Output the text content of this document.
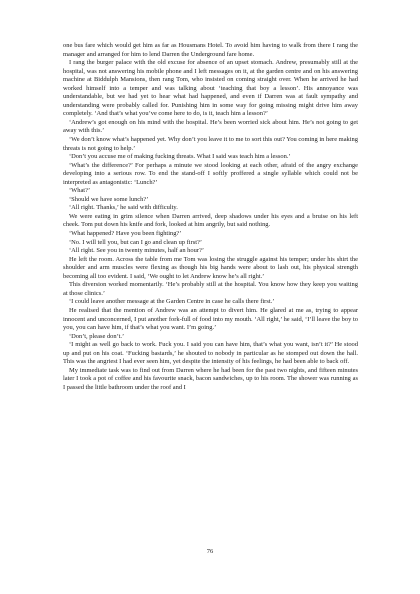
one bus fare which would get him as far as Housmans Hotel. To avoid him having to walk from there I rang the manager and arranged for him to lend Darren the Underground fare home.

I rang the burger palace with the old excuse for absence of an upset stomach. Andrew, presumably still at the hospital, was not answering his mobile phone and I left messages on it, at the garden centre and on his answering machine at Biddulph Mansions, then rang Tom, who insisted on coming straight over. When he arrived he had worked himself into a temper and was talking about ‘teaching that boy a lesson’. His annoyance was understandable, but we had yet to hear what had happened, and even if Darren was at fault sympathy and understanding were probably called for. Punishing him in some way for going missing might drive him away completely. ‘And that’s what you’ve come here to do, is it, teach him a lesson?’

‘Andrew’s got enough on his mind with the hospital. He’s been worried sick about him. He’s not going to get away with this.’

‘We don’t know what’s happened yet. Why don’t you leave it to me to sort this out? You coming in here making threats is not going to help.’

‘Don’t you accuse me of making fucking threats. What I said was teach him a lesson.’

‘What’s the difference?’ For perhaps a minute we stood looking at each other, afraid of the angry exchange developing into a serious row. To end the stand-off I softly proffered a single syllable which could not be interpreted as antagonistic: ‘Lunch?’

‘What?’

‘Should we have some lunch?’

‘All right. Thanks,’ he said with difficulty.

We were eating in grim silence when Darren arrived, deep shadows under his eyes and a bruise on his left cheek. Tom put down his knife and fork, looked at him angrily, but said nothing.

‘What happened? Have you been fighting?’

‘No. I will tell you, but can I go and clean up first?’

‘All right. See you in twenty minutes, half an hour?’

He left the room. Across the table from me Tom was losing the struggle against his temper; under his shirt the shoulder and arm muscles were flexing as though his big hands were about to lash out, his physical strength becoming all too evident. I said, ‘We ought to let Andrew know he’s all right.’

This diversion worked momentarily. ‘He’s probably still at the hospital. You know how they keep you waiting at those clinics.’

‘I could leave another message at the Garden Centre in case he calls there first.’

He realised that the mention of Andrew was an attempt to divert him. He glared at me as, trying to appear innocent and unconcerned, I put another fork-full of food into my mouth. ‘All right,’ he said, ‘I’ll leave the boy to you, you can have him, if that’s what you want. I’m going.’

‘Don’t, please don’t.’

‘I might as well go back to work. Fuck you. I said you can have him, that’s what you want, isn’t it?’ He stood up and put on his coat. ‘Fucking bastards,’ he shouted to nobody in particular as he stomped out down the hall. This was the angriest I had ever seen him, yet despite the intensity of his feelings, he had been able to back off.

My immediate task was to find out from Darren where he had been for the past two nights, and fifteen minutes later I took a pot of coffee and his favourite snack, bacon sandwiches, up to his room. The shower was running as I passed the little bathroom under the roof and I

76
